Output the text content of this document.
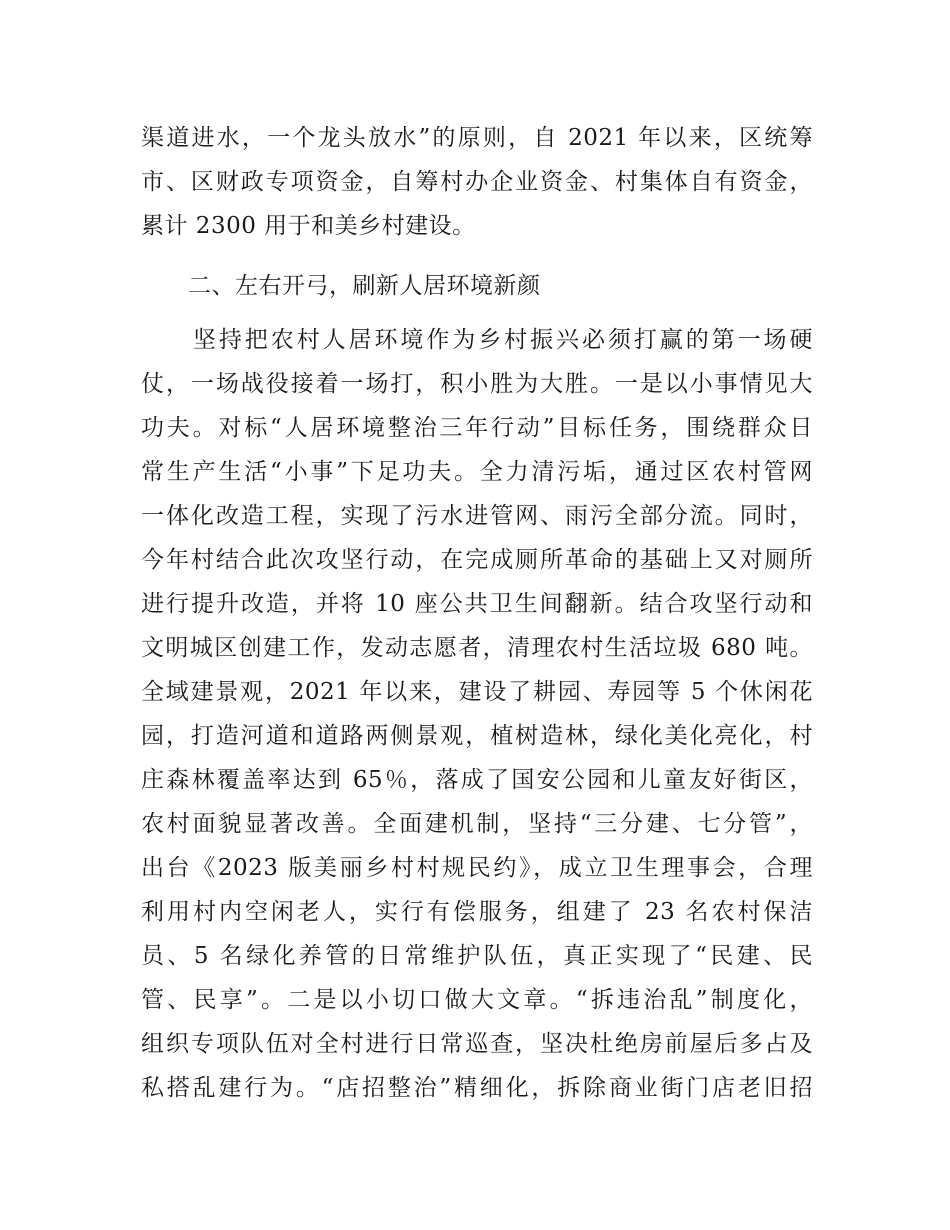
渠道进水，一个龙头放水”的原则，自 2021 年以来，区统筹
市、区财政专项资金，自筹村办企业资金、村集体自有资金，
累计 2300 用于和美乡村建设。
　　二、左右开弓，刷新人居环境新颜
　　坚持把农村人居环境作为乡村振兴必须打赢的第一场硬
仗，一场战役接着一场打，积小胜为大胜。一是以小事情见大
功夫。对标“人居环境整治三年行动”目标任务，围绕群众日
常生产生活“小事”下足功夫。全力清污垢，通过区农村管网
一体化改造工程，实现了污水进管网、雨污全部分流。同时，
今年村结合此次攻坚行动，在完成厕所革命的基础上又对厕所
进行提升改造，并将 10 座公共卫生间翻新。结合攻坚行动和
文明城区创建工作，发动志愿者，清理农村生活垃圾 680 吨。
全域建景观，2021 年以来，建设了耕园、寿园等 5 个休闲花
园，打造河道和道路两侧景观，植树造林，绿化美化亮化，村
庄森林覆盖率达到 65％，落成了国安公园和儿童友好街区，
农村面貌显著改善。全面建机制，坚持“三分建、七分管”，
出台《2023 版美丽乡村村规民约》，成立卫生理事会，合理
利用村内空闲老人，实行有偿服务，组建了 23 名农村保洁
员、5 名绿化养管的日常维护队伍，真正实现了“民建、民
管、民享”。二是以小切口做大文章。“拆违治乱”制度化，
组织专项队伍对全村进行日常巡查，坚决杜绝房前屋后多占及
私搭乱建行为。“店招整治”精细化，拆除商业街门店老旧招
